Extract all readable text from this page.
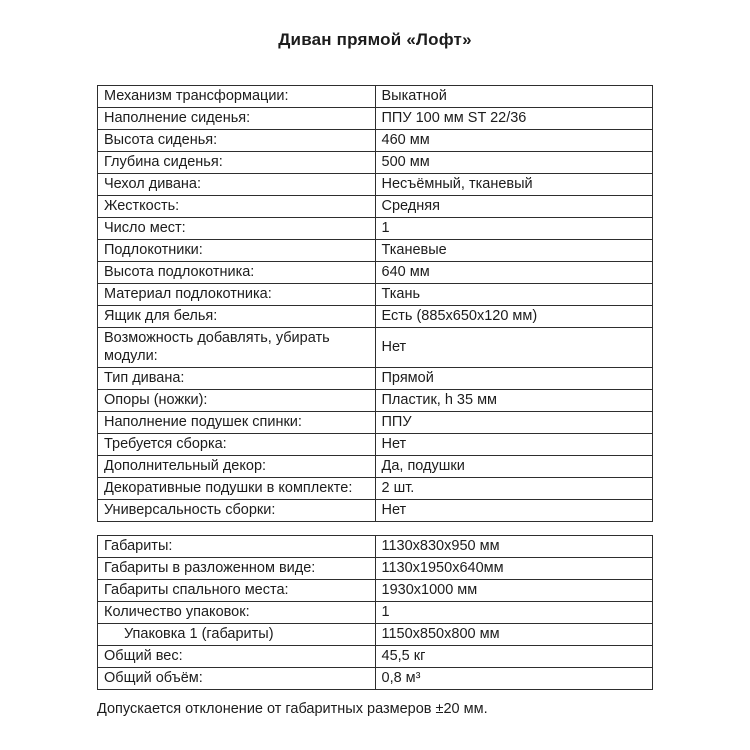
Диван прямой «Лофт»
Механизм трансформации:	Выкатной
Наполнение сиденья:	ППУ 100 мм ST 22/36
Высота сиденья:	460 мм
Глубина сиденья:	500 мм
Чехол дивана:	Несъёмный, тканевый
Жесткость:	Средняя
Число мест:	1
Подлокотники:	Тканевые
Высота подлокотника:	640 мм
Материал подлокотника:	Ткань
Ящик для белья:	Есть (885х650х120 мм)
Возможность добавлять, убирать модули:	Нет
Тип дивана:	Прямой
Опоры (ножки):	Пластик, h 35 мм
Наполнение подушек спинки:	ППУ
Требуется сборка:	Нет
Дополнительный декор:	Да, подушки
Декоративные подушки в комплекте:	2 шт.
Универсальность сборки:	Нет
Габариты:	1130х830х950 мм
Габариты в разложенном виде:	1130х1950х640мм
Габариты спального места:	1930х1000 мм
Количество упаковок:	1
Упаковка 1 (габариты)	1150х850х800 мм
Общий вес:	45,5 кг
Общий объём:	0,8 м³
Допускается отклонение от габаритных размеров ±20 мм.
